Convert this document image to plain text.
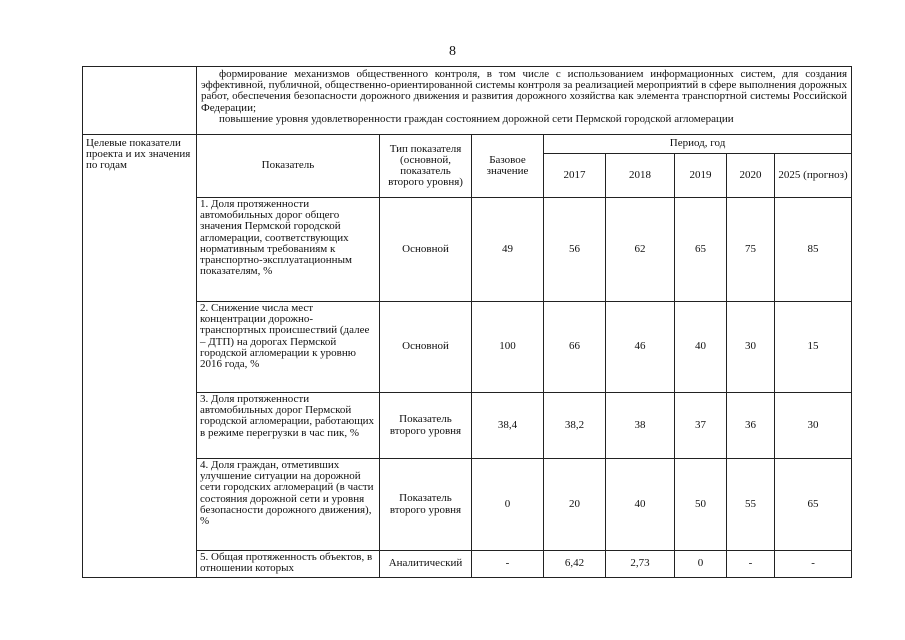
8

	формирование механизмов общественного контроля, в том числе с использованием информационных систем, для создания эффективной, публичной, общественно-ориентированной системы контроля за реализацией мероприятий в сфере выполнения дорожных работ, обеспечения безопасности дорожного движения и развития дорожного хозяйства как элемента транспортной системы Российской Федерации;

повышение уровня удовлетворенности граждан состоянием дорожной сети Пермской городской агломерации							

Целевые показатели проекта и их значения по годам	Показатель	Тип показателя (основной, показатель второго уровня)	Базовое значение	Период, год				
				2017	2018	2019	2020	2025 (прогноз)
	1. Доля протяженности автомобильных дорог общего значения Пермской городской агломерации, соответствующих нормативным требованиям к транспортно-эксплуатационным показателям, %	Основной	49	56	62	65	75	85
	2. Снижение числа мест концентрации дорожно-транспортных происшествий (далее – ДТП) на дорогах Пермской городской агломерации к уровню 2016 года, %	Основной	100	66	46	40	30	15
	3. Доля протяженности автомобильных дорог Пермской городской агломерации, работающих в режиме перегрузки в час пик, %	Показатель второго уровня	38,4	38,2	38	37	36	30
	4. Доля граждан, отметивших улучшение ситуации на дорожной сети городских агломераций (в части состояния дорожной сети и уровня безопасности дорожного движения), %	Показатель второго уровня	0	20	40	50	55	65
	5. Общая протяженность объектов, в отношении которых	Аналитический	-	6,42	2,73	0	-	-
